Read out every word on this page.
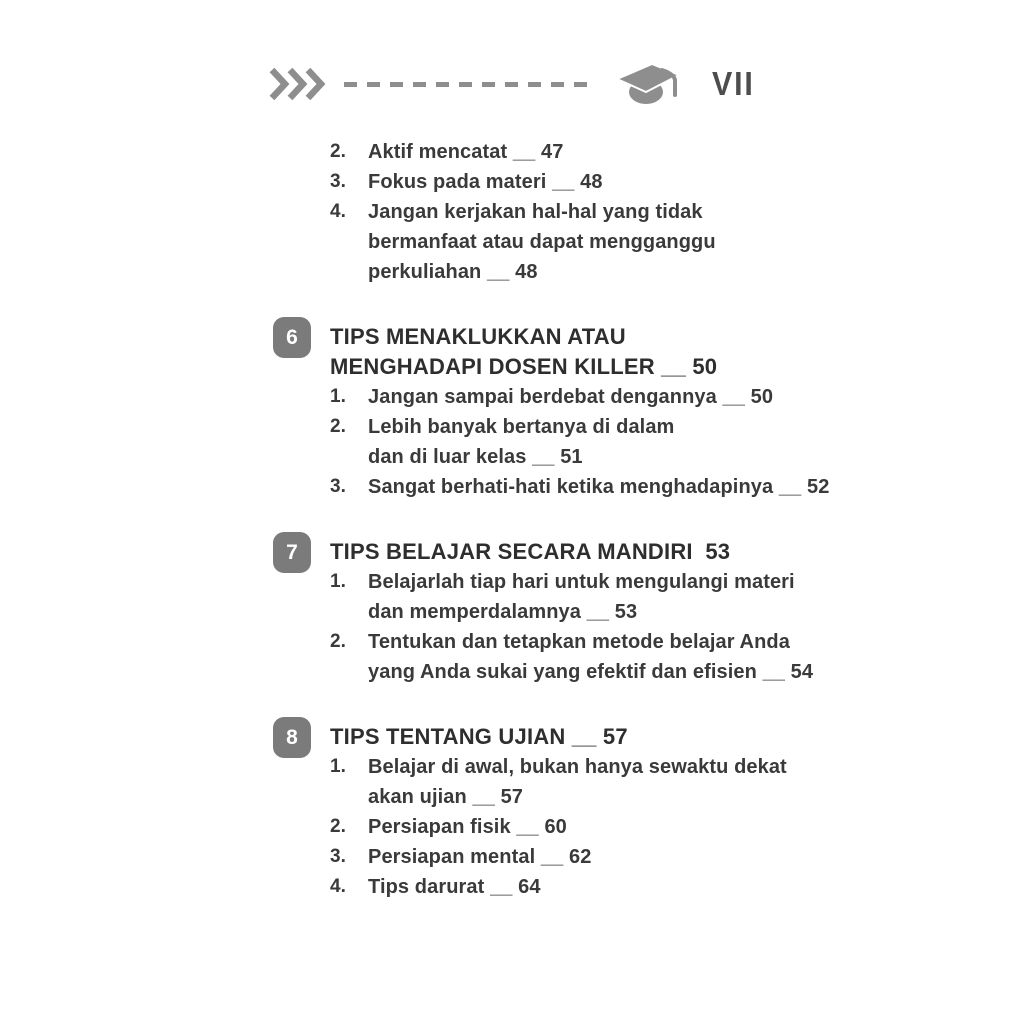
VII
2.	Aktif mencatat __ 47
3.	Fokus pada materi __ 48
4.	Jangan kerjakan hal-hal yang tidak
bermanfaat atau dapat mengganggu
perkuliahan __ 48
6	TIPS MENAKLUKKAN ATAU
MENGHADAPI DOSEN KILLER __ 50
1.	Jangan sampai berdebat dengannya __ 50
2.	Lebih banyak bertanya di dalam
dan di luar kelas __ 51
3.	Sangat berhati-hati ketika menghadapinya __ 52
7	TIPS BELAJAR SECARA MANDIRI  53
1.	Belajarlah tiap hari untuk mengulangi materi
dan memperdalamnya __ 53
2.	Tentukan dan tetapkan metode belajar Anda
yang Anda sukai yang efektif dan efisien __ 54
8	TIPS TENTANG UJIAN __ 57
1.	Belajar di awal, bukan hanya sewaktu dekat
akan ujian __ 57
2.	Persiapan fisik __ 60
3.	Persiapan mental __ 62
4.	Tips darurat __ 64
